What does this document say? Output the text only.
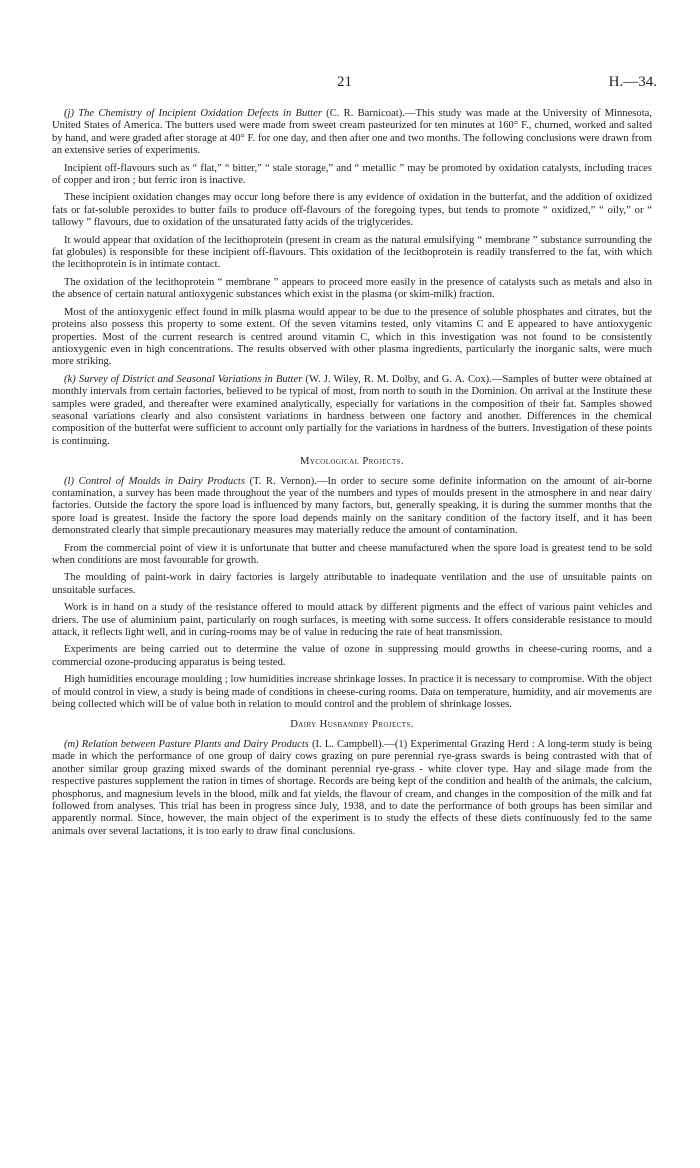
21	H.—34.

(j) The Chemistry of Incipient Oxidation Defects in Butter (C. R. Barnicoat).—This study was made at the University of Minnesota, United States of America. The butters used were made from sweet cream pasteurized for ten minutes at 160° F., churned, worked and salted by hand, and were graded after storage at 40° F. for one day, and then after one and two months. The following conclusions were drawn from an extensive series of experiments.

Incipient off-flavours such as “ flat,” “ bitter,” “ stale storage,” and “ metallic ” may be promoted by oxidation catalysts, including traces of copper and iron ; but ferric iron is inactive.

These incipient oxidation changes may occur long before there is any evidence of oxidation in the butterfat, and the addition of oxidized fats or fat-soluble peroxides to butter fails to produce off-flavours of the foregoing types, but tends to promote “ oxidized,” “ oily,” or “ tallowy ” flavours, due to oxidation of the unsaturated fatty acids of the triglycerides.

It would appear that oxidation of the lecithoprotein (present in cream as the natural emulsifying “ membrane ” substance surrounding the fat globules) is responsible for these incipient off-flavours. This oxidation of the lecithoprotein is readily transferred to the fat, with which the lecithoprotein is in intimate contact.

The oxidation of the lecithoprotein “ membrane ” appears to proceed more easily in the presence of catalysts such as metals and also in the absence of certain natural antioxygenic substances which exist in the plasma (or skim-milk) fraction.

Most of the antioxygenic effect found in milk plasma would appear to be due to the presence of soluble phosphates and citrates, but the proteins also possess this property to some extent. Of the seven vitamins tested, only vitamins C and E appeared to have antioxygenic properties. Most of the current research is centred around vitamin C, which in this investigation was not found to be consistently antioxygenic even in high concentrations. The results observed with other plasma ingredients, particularly the inorganic salts, were much more striking.

(k) Survey of District and Seasonal Variations in Butter (W. J. Wiley, R. M. Dolby, and G. A. Cox).—Samples of butter were obtained at monthly intervals from certain factories, believed to be typical of most, from north to south in the Dominion. On arrival at the Institute these samples were graded, and thereafter were examined analytically, especially for variations in the composition of their fat. Samples showed seasonal variations clearly and also consistent variations in hardness between one factory and another. Differences in the chemical composition of the butterfat were sufficient to account only partially for the variations in hardness of the butters. Investigation of these points is continuing.

Mycological Projects.

(l) Control of Moulds in Dairy Products (T. R. Vernon).—In order to secure some definite information on the amount of air-borne contamination, a survey has been made throughout the year of the numbers and types of moulds present in the atmosphere in and near dairy factories. Outside the factory the spore load is influenced by many factors, but, generally speaking, it is during the summer months that the spore load is greatest. Inside the factory the spore load depends mainly on the sanitary condition of the factory itself, and it has been demonstrated clearly that simple precautionary measures may materially reduce the amount of contamination.

From the commercial point of view it is unfortunate that butter and cheese manufactured when the spore load is greatest tend to be sold when conditions are most favourable for growth.

The moulding of paint-work in dairy factories is largely attributable to inadequate ventilation and the use of unsuitable paints on unsuitable surfaces.

Work is in hand on a study of the resistance offered to mould attack by different pigments and the effect of various paint vehicles and driers. The use of aluminium paint, particularly on rough surfaces, is meeting with some success. It offers considerable resistance to mould attack, it reflects light well, and in curing-rooms may be of value in reducing the rate of heat transmission.

Experiments are being carried out to determine the value of ozone in suppressing mould growths in cheese-curing rooms, and a commercial ozone-producing apparatus is being tested.

High humidities encourage moulding ; low humidities increase shrinkage losses. In practice it is necessary to compromise. With the object of mould control in view, a study is being made of conditions in cheese-curing rooms. Data on temperature, humidity, and air movements are being collected which will be of value both in relation to mould control and the problem of shrinkage losses.

Dairy Husbandry Projects.

(m) Relation between Pasture Plants and Dairy Products (I. L. Campbell).—(1) Experimental Grazing Herd : A long-term study is being made in which the performance of one group of dairy cows grazing on pure perennial rye-grass swards is being contrasted with that of another similar group grazing mixed swards of the dominant perennial rye-grass - white clover type. Hay and silage made from the respective pastures supplement the ration in times of shortage. Records are being kept of the condition and health of the animals, the calcium, phosphorus, and magnesium levels in the blood, milk and fat yields, the flavour of cream, and changes in the composition of the milk and fat followed from analyses. This trial has been in progress since July, 1938, and to date the performance of both groups has been similar and apparently normal. Since, however, the main object of the experiment is to study the effects of these diets continuously fed to the same animals over several lactations, it is too early to draw final conclusions.
